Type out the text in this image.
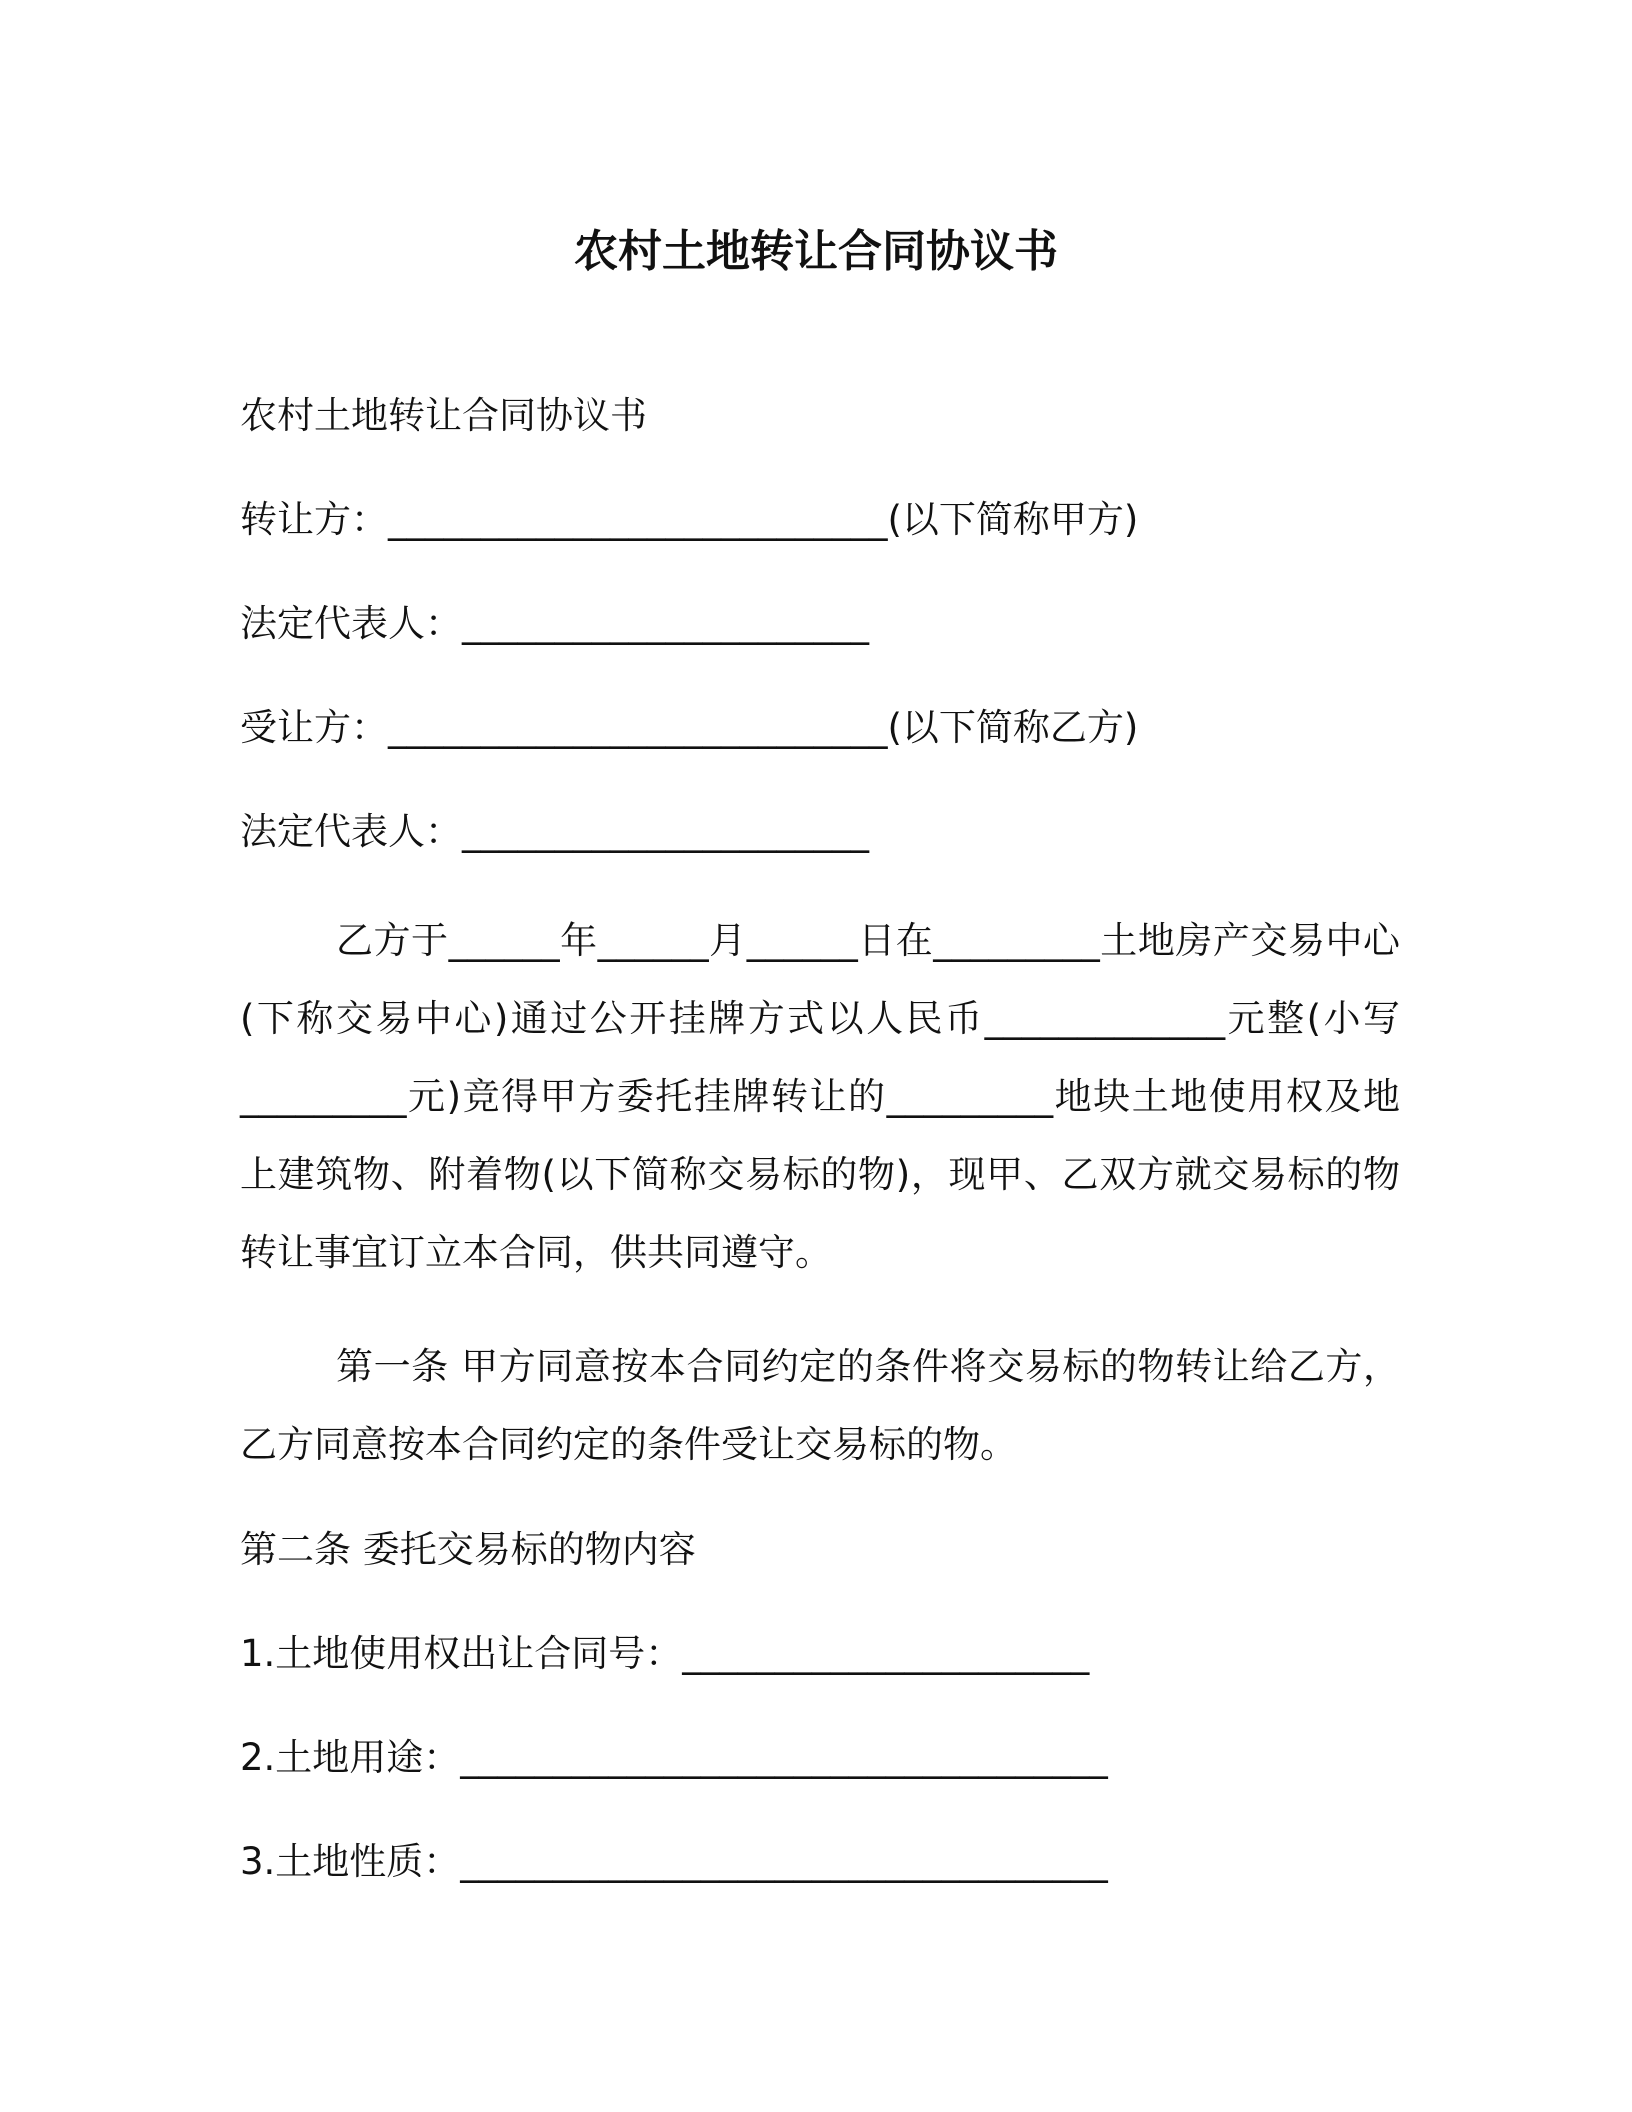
农村土地转让合同协议书

农村土地转让合同协议书

转让方：___________________________(以下简称甲方)

法定代表人：______________________

受让方：___________________________(以下简称乙方)

法定代表人：______________________

乙方于______年______月______日在_________土地房产交易中心(下称交易中心)通过公开挂牌方式以人民币_____________元整(小写_________元)竞得甲方委托挂牌转让的_________地块土地使用权及地上建筑物、附着物(以下简称交易标的物)，现甲、乙双方就交易标的物转让事宜订立本合同，供共同遵守。

第一条 甲方同意按本合同约定的条件将交易标的物转让给乙方，乙方同意按本合同约定的条件受让交易标的物。

第二条 委托交易标的物内容

1.土地使用权出让合同号：______________________

2.土地用途：___________________________________

3.土地性质：___________________________________
